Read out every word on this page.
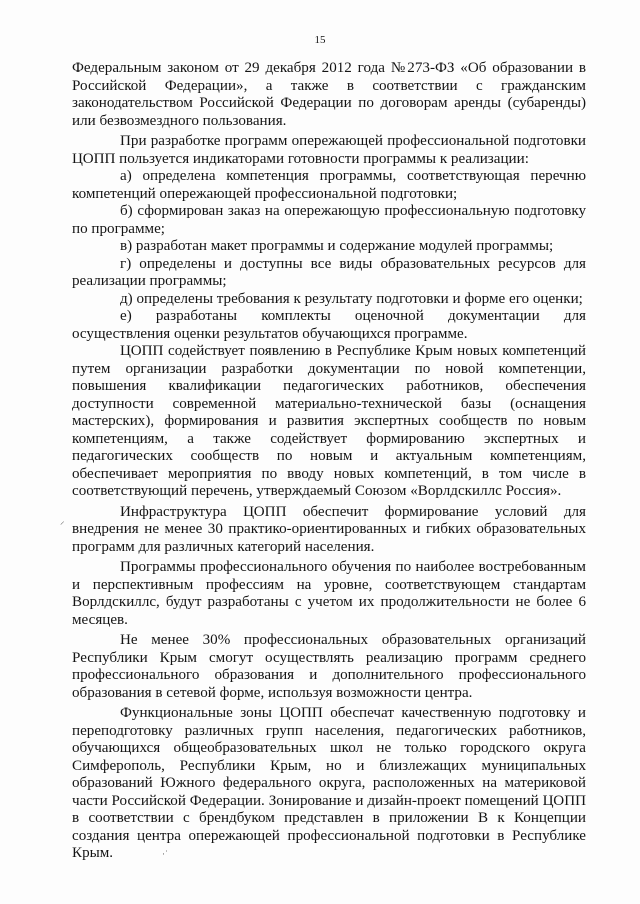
15

Федеральным законом от 29 декабря 2012 года №273-ФЗ «Об образовании в Российской Федерации», а также в соответствии с гражданским законодательством Российской Федерации по договорам аренды (субаренды) или безвозмездного пользования.

При разработке программ опережающей профессиональной подготовки ЦОПП пользуется индикаторами готовности программы к реализации:

а) определена компетенция программы, соответствующая перечню компетенций опережающей профессиональной подготовки;

б) сформирован заказ на опережающую профессиональную подготовку по программе;

в) разработан макет программы и содержание модулей программы;

г) определены и доступны все виды образовательных ресурсов для реализации программы;

д) определены требования к результату подготовки и форме его оценки;

е) разработаны комплекты оценочной документации для осуществления оценки результатов обучающихся программе.

ЦОПП содействует появлению в Республике Крым новых компетенций путем организации разработки документации по новой компетенции, повышения квалификации педагогических работников, обеспечения доступности современной материально-технической базы (оснащения мастерских), формирования и развития экспертных сообществ по новым компетенциям, а также содействует формированию экспертных и педагогических сообществ по новым и актуальным компетенциям, обеспечивает мероприятия по вводу новых компетенций, в том числе в соответствующий перечень, утверждаемый Союзом «Ворлдскиллс Россия».

Инфраструктура ЦОПП обеспечит формирование условий для внедрения не менее 30 практико-ориентированных и гибких образовательных программ для различных категорий населения.

Программы профессионального обучения по наиболее востребованным и перспективным профессиям на уровне, соответствующем стандартам Ворлдскиллс, будут разработаны с учетом их продолжительности не более 6 месяцев.

Не менее 30% профессиональных образовательных организаций Республики Крым смогут осуществлять реализацию программ среднего профессионального образования и дополнительного профессионального образования в сетевой форме, используя возможности центра.

Функциональные зоны ЦОПП обеспечат качественную подготовку и переподготовку различных групп населения, педагогических работников, обучающихся общеобразовательных школ не только городского округа Симферополь, Республики Крым, но и близлежащих муниципальных образований Южного федерального округа, расположенных на материковой части Российской Федерации. Зонирование и дизайн-проект помещений ЦОПП в соответствии с брендбуком представлен в приложении В к Концепции создания центра опережающей профессиональной подготовки в Республике Крым.

⸝
·˙
